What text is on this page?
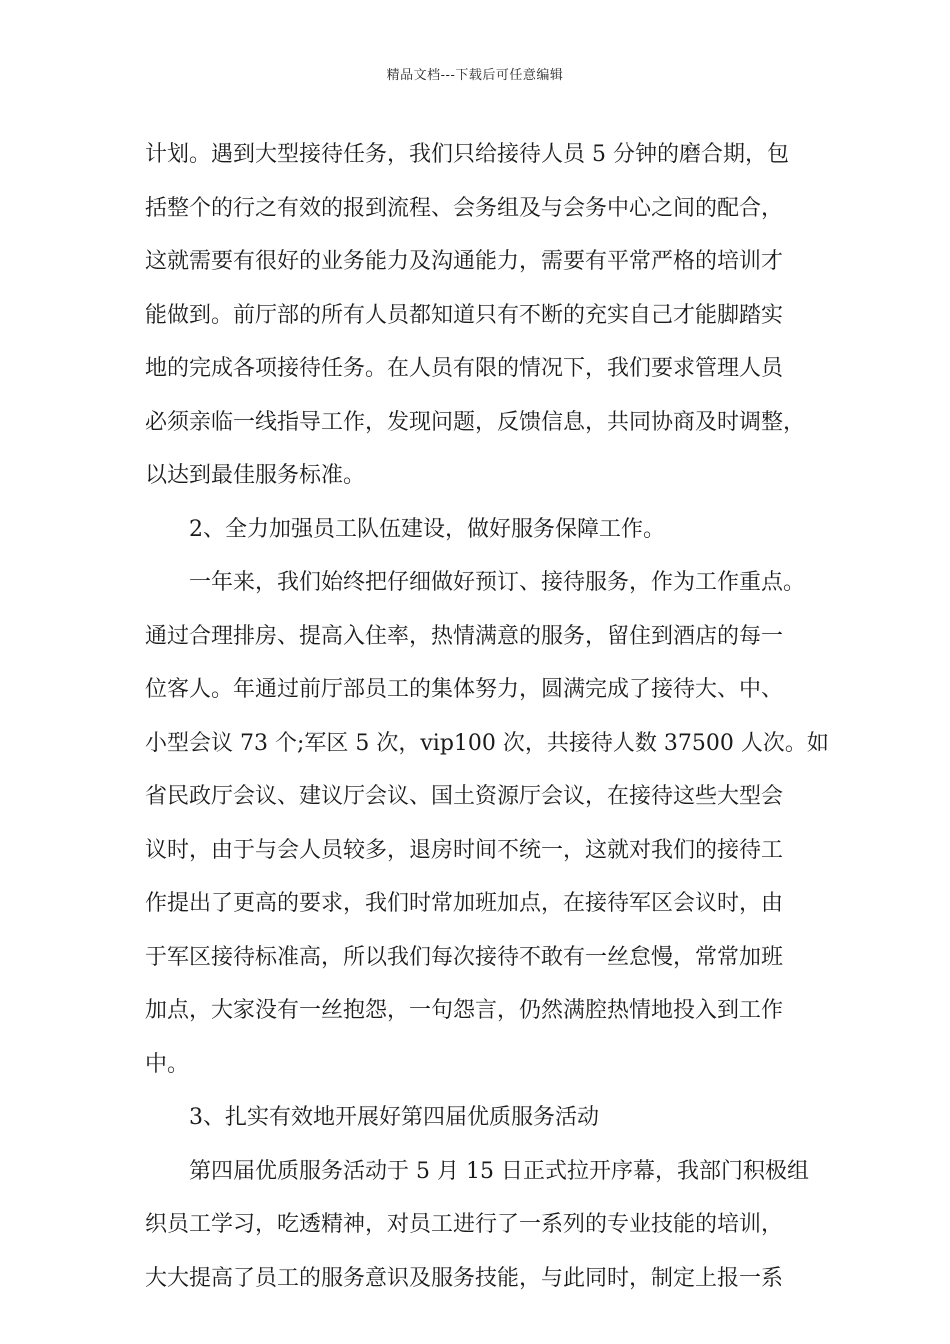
精品文档---下载后可任意编辑
计划。遇到大型接待任务，我们只给接待人员 5 分钟的磨合期，包
括整个的行之有效的报到流程、会务组及与会务中心之间的配合，
这就需要有很好的业务能力及沟通能力，需要有平常严格的培训才
能做到。前厅部的所有人员都知道只有不断的充实自己才能脚踏实
地的完成各项接待任务。在人员有限的情况下，我们要求管理人员
必须亲临一线指导工作，发现问题，反馈信息，共同协商及时调整，
以达到最佳服务标准。
2、全力加强员工队伍建设，做好服务保障工作。
一年来，我们始终把仔细做好预订、接待服务，作为工作重点。
通过合理排房、提高入住率，热情满意的服务，留住到酒店的每一
位客人。年通过前厅部员工的集体努力，圆满完成了接待大、中、
小型会议 73 个;军区 5 次，vip100 次，共接待人数 37500 人次。如
省民政厅会议、建议厅会议、国土资源厅会议，在接待这些大型会
议时，由于与会人员较多，退房时间不统一，这就对我们的接待工
作提出了更高的要求，我们时常加班加点，在接待军区会议时，由
于军区接待标准高，所以我们每次接待不敢有一丝怠慢，常常加班
加点，大家没有一丝抱怨，一句怨言，仍然满腔热情地投入到工作
中。
3、扎实有效地开展好第四届优质服务活动
第四届优质服务活动于 5 月 15 日正式拉开序幕，我部门积极组
织员工学习，吃透精神，对员工进行了一系列的专业技能的培训，
大大提高了员工的服务意识及服务技能，与此同时，制定上报一系
